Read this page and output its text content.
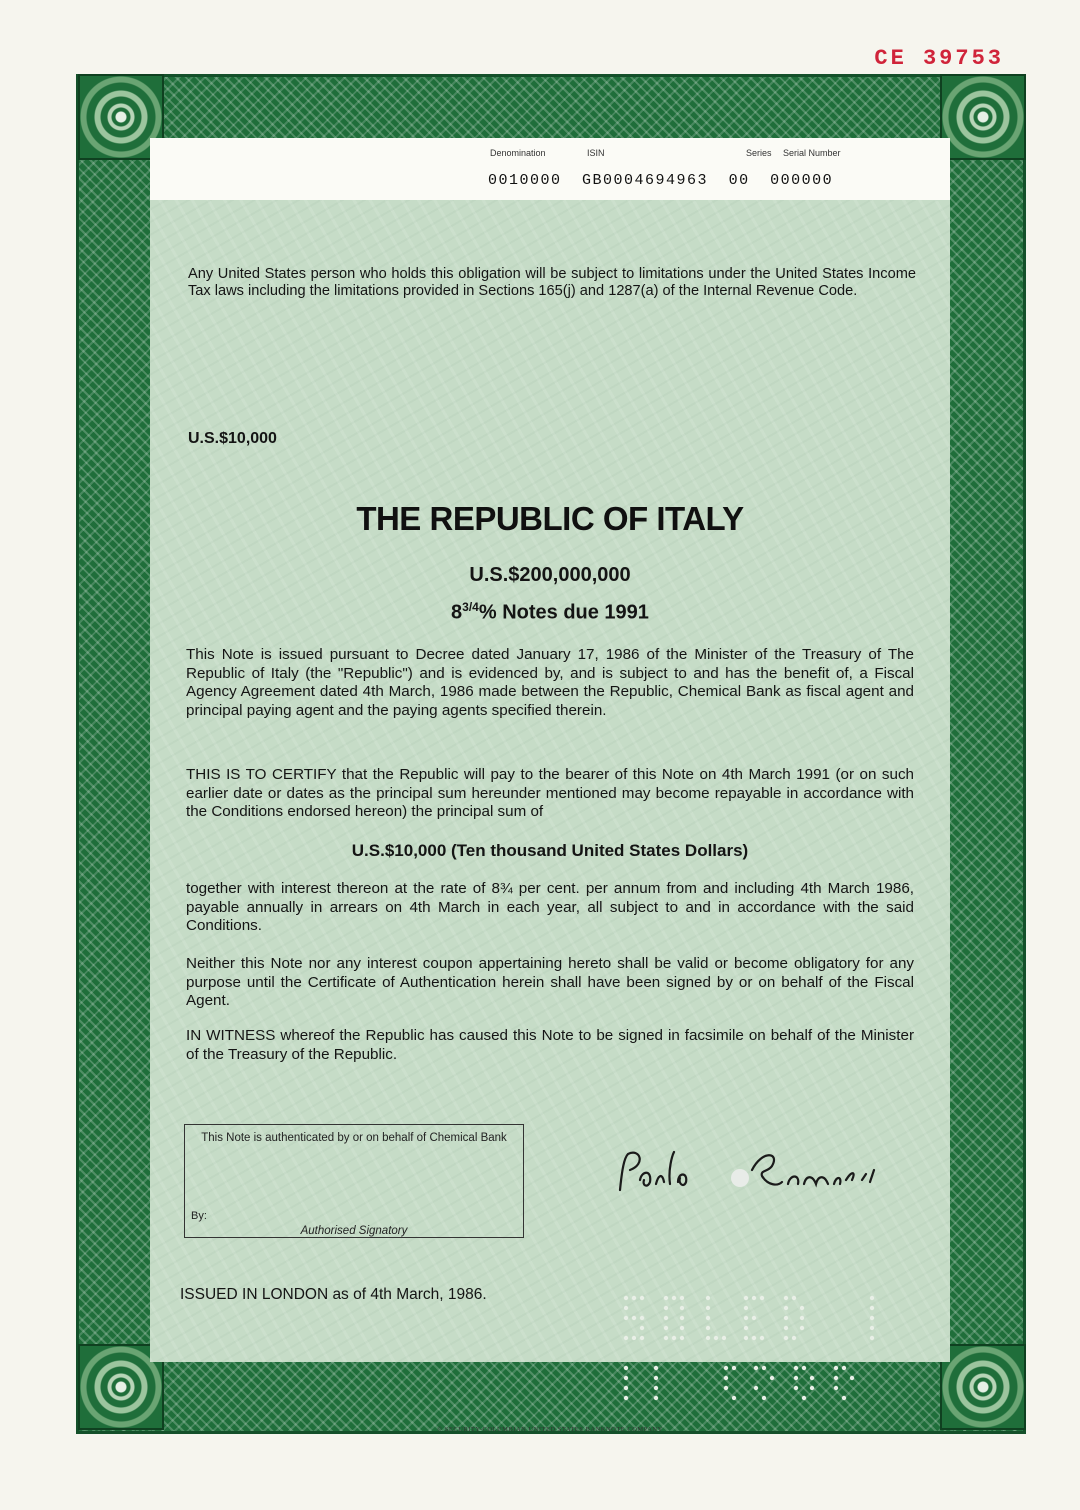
CE 39753
Denomination	ISIN	Series Serial Number
0010000 GB0004694963 00 000000
Any United States person who holds this obligation will be subject to limitations under the United States Income Tax laws including the limitations provided in Sections 165(j) and 1287(a) of the Internal Revenue Code.
U.S.$10,000
THE REPUBLIC OF ITALY
U.S.$200,000,000
$8^{3/4}\%$ Notes due 1991
This Note is issued pursuant to Decree dated January 17, 1986 of the Minister of the Treasury of The Republic of Italy (the "Republic") and is evidenced by, and is subject to and has the benefit of, a Fiscal Agency Agreement dated 4th March, 1986 made between the Republic, Chemical Bank as fiscal agent and principal paying agent and the paying agents specified therein.
THIS IS TO CERTIFY that the Republic will pay to the bearer of this Note on 4th March 1991 (or on such earlier date or dates as the principal sum hereunder mentioned may become repayable in accordance with the Conditions endorsed hereon) the principal sum of
U.S.$10,000 (Ten thousand United States Dollars)
together with interest thereon at the rate of 8¾ per cent. per annum from and including 4th March 1986, payable annually in arrears on 4th March in each year, all subject to and in accordance with the said Conditions.
Neither this Note nor any interest coupon appertaining hereto shall be valid or become obligatory for any purpose until the Certificate of Authentication herein shall have been signed by or on behalf of the Fiscal Agent.
IN WITNESS whereof the Republic has caused this Note to be signed in facsimile on behalf of the Minister of the Treasury of the Republic.
This Note is authenticated by or on behalf of Chemical Bank
By:
Authorised Signatory
ISSUED IN LONDON as of 4th March, 1986.
© SECURITY-COLUMBIAN UNITED STATES BANKNOTE COMPANY
